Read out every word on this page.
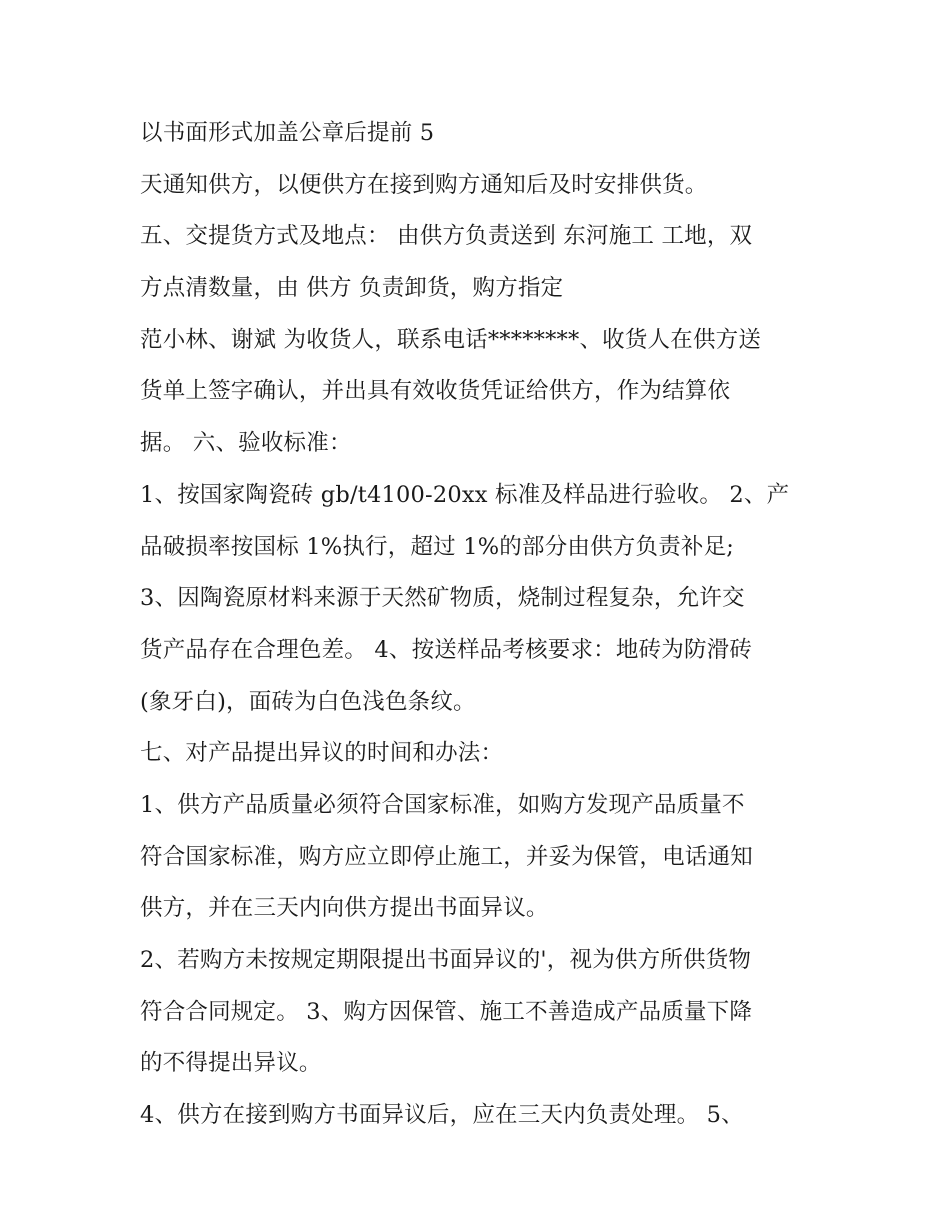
以书面形式加盖公章后提前 5
天通知供方，以便供方在接到购方通知后及时安排供货。
五、交提货方式及地点： 由供方负责送到 东河施工 工地，双
方点清数量，由 供方 负责卸货，购方指定
范小林、谢斌 为收货人，联系电话********、收货人在供方送
货单上签字确认，并出具有效收货凭证给供方，作为结算依
据。 六、验收标准：
1、按国家陶瓷砖 gb/t4100-20xx 标准及样品进行验收。 2、产
品破损率按国标 1%执行，超过 1%的部分由供方负责补足;
3、因陶瓷原材料来源于天然矿物质，烧制过程复杂，允许交
货产品存在合理色差。 4、按送样品考核要求：地砖为防滑砖
(象牙白)，面砖为白色浅色条纹。
七、对产品提出异议的时间和办法：
1、供方产品质量必须符合国家标准，如购方发现产品质量不
符合国家标准，购方应立即停止施工，并妥为保管，电话通知
供方，并在三天内向供方提出书面异议。
2、若购方未按规定期限提出书面异议的'，视为供方所供货物
符合合同规定。 3、购方因保管、施工不善造成产品质量下降
的不得提出异议。
4、供方在接到购方书面异议后，应在三天内负责处理。 5、
